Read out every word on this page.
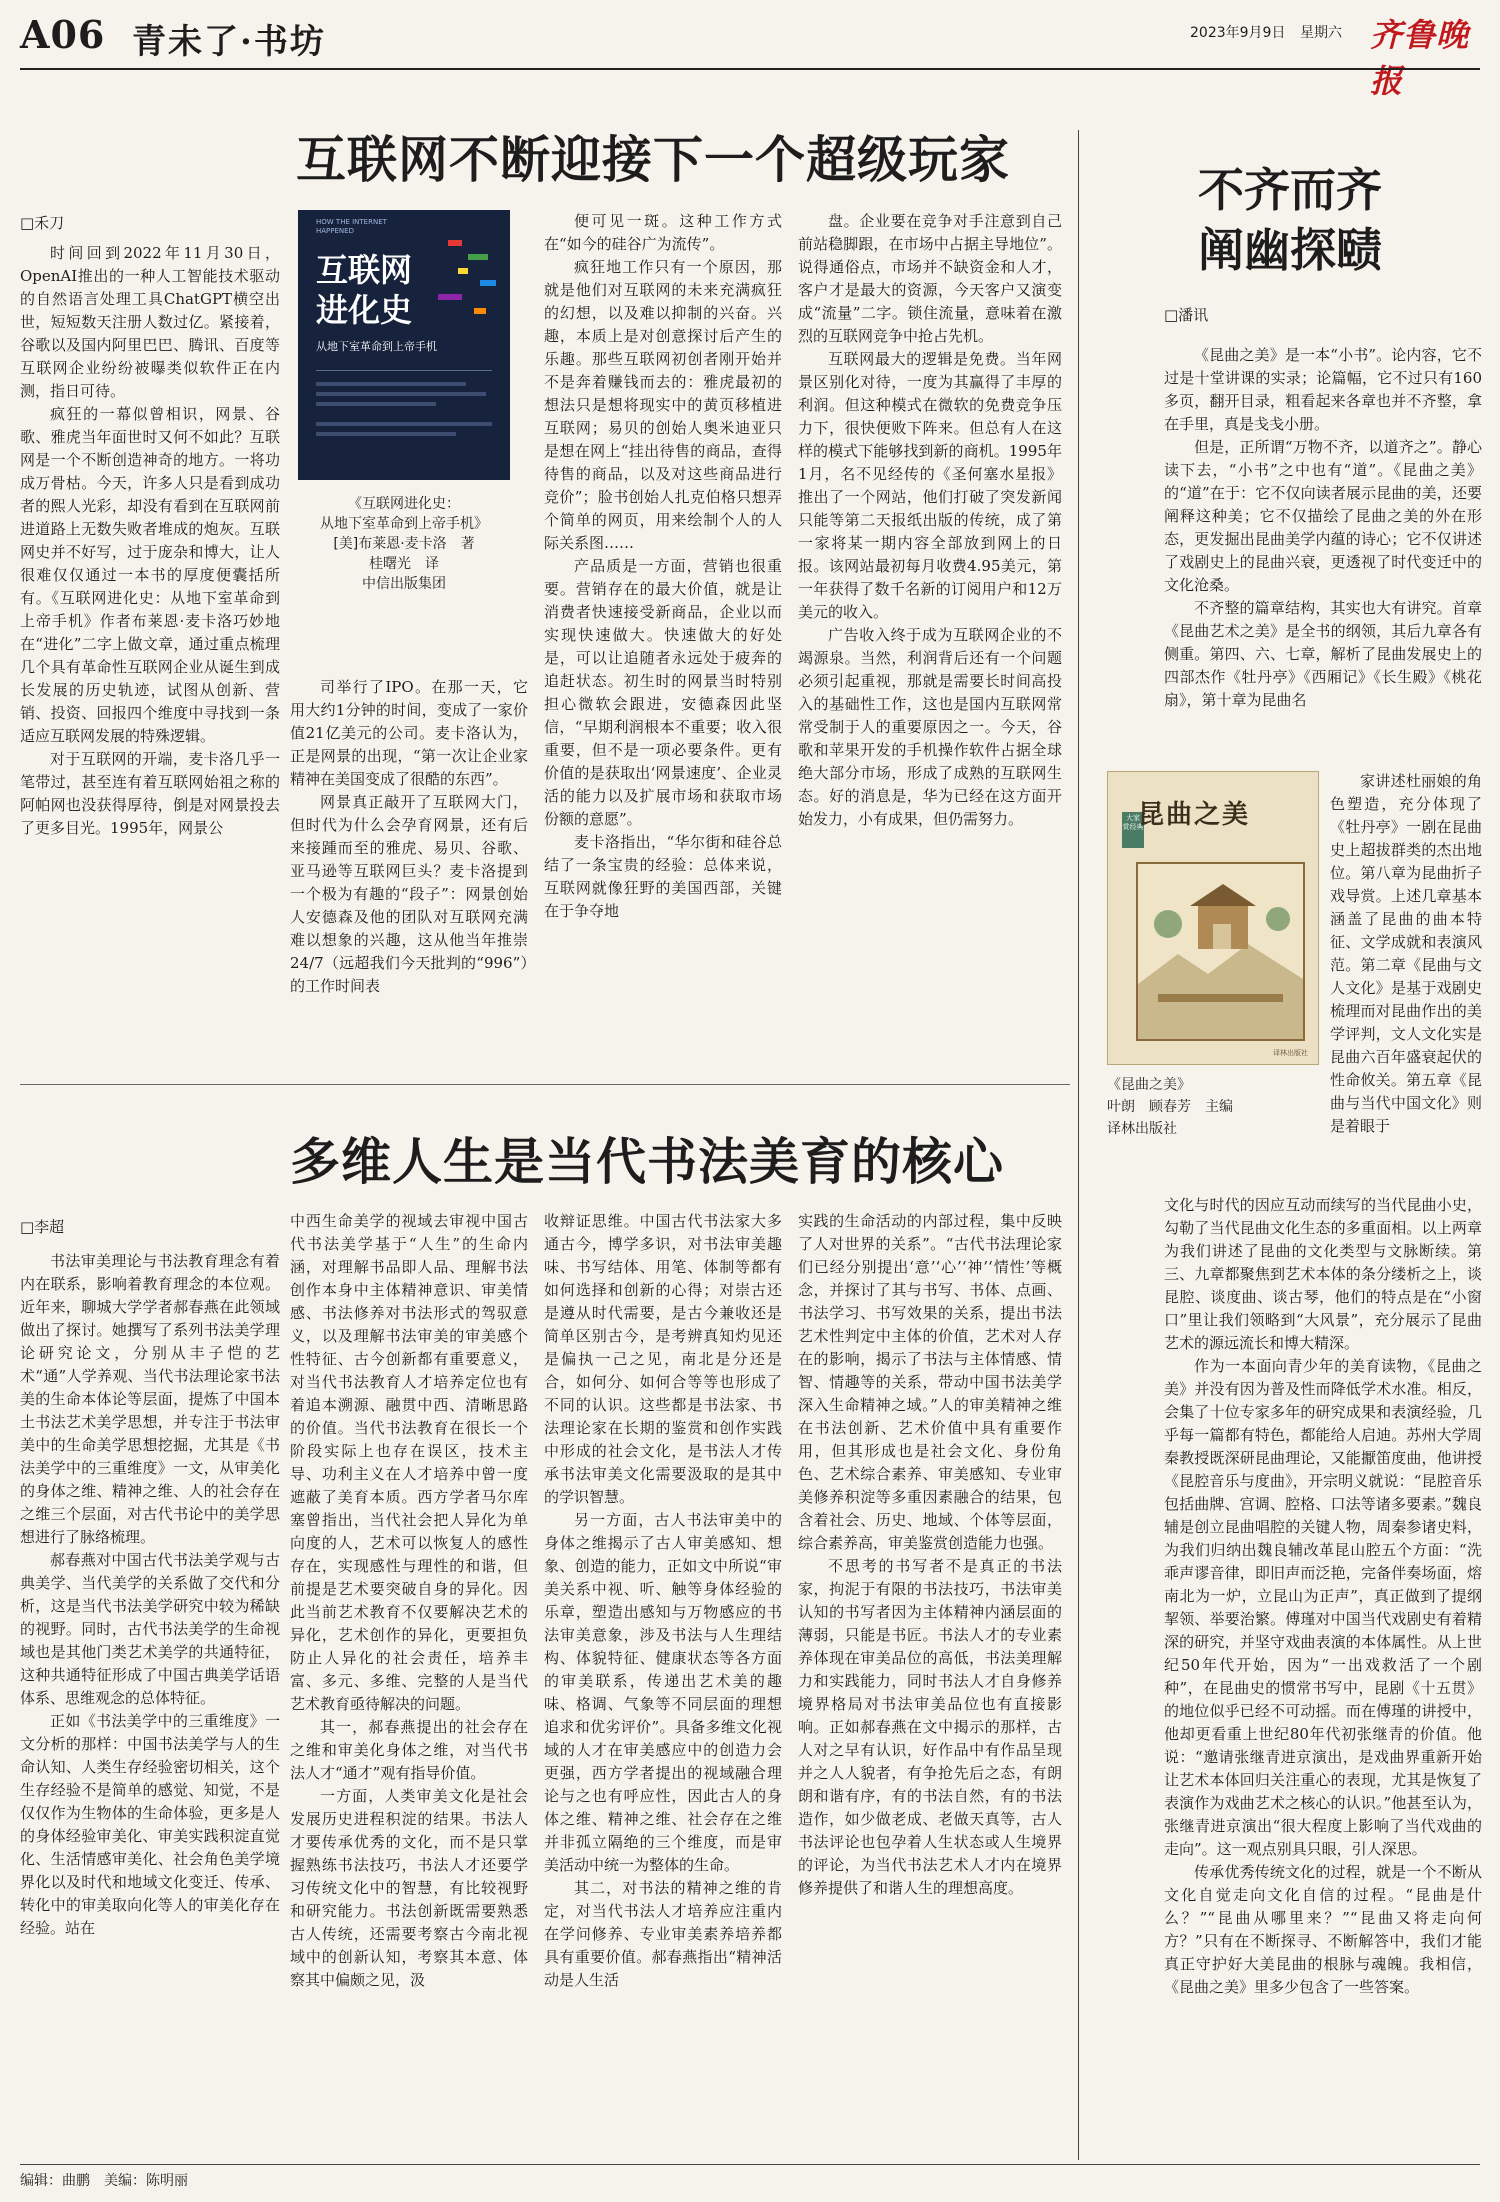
A06 青未了·书坊	2023年9月9日 星期六 齐鲁晚报
互联网不断迎接下一个超级玩家
□禾刀

时间回到2022年11月30日，OpenAI推出的一种人工智能技术驱动的自然语言处理工具ChatGPT横空出世，短短数天注册人数过亿。紧接着，谷歌以及国内阿里巴巴、腾讯、百度等互联网企业纷纷被曝类似软件正在内测，指日可待。

疯狂的一幕似曾相识，网景、谷歌、雅虎当年面世时又何不如此？互联网是一个不断创造神奇的地方。一将功成万骨枯。今天，许多人只是看到成功者的熙人光彩，却没有看到在互联网前进道路上无数失败者堆成的炮灰。互联网史并不好写，过于庞杂和博大，让人很难仅仅通过一本书的厚度便囊括所有。《互联网进化史：从地下室革命到上帝手机》作者布莱恩·麦卡洛巧妙地在“进化”二字上做文章，通过重点梳理几个具有革命性互联网企业从诞生到成长发展的历史轨迹，试图从创新、营销、投资、回报四个维度中寻找到一条适应互联网发展的特殊逻辑。

对于互联网的开端，麦卡洛几乎一笔带过，甚至连有着互联网始祖之称的阿帕网也没获得厚待，倒是对网景投去了更多目光。1995年，网景公

HOW THE INTERNET
HAPPENED
互联网
进化史
从地下室革命到上帝手机
《互联网进化史：
从地下室革命到上帝手机》
[美]布莱恩·麦卡洛　著
桂曙光　译
中信出版集团

司举行了IPO。在那一天，它用大约1分钟的时间，变成了一家价值21亿美元的公司。麦卡洛认为，正是网景的出现，“第一次让企业家精神在美国变成了很酷的东西”。

网景真正敲开了互联网大门，但时代为什么会孕育网景，还有后来接踵而至的雅虎、易贝、谷歌、亚马逊等互联网巨头？麦卡洛提到一个极为有趣的“段子”：网景创始人安德森及他的团队对互联网充满难以想象的兴趣，这从他当年推崇24/7（远超我们今天批判的“996”）的工作时间表

便可见一斑。这种工作方式在“如今的硅谷广为流传”。

疯狂地工作只有一个原因，那就是他们对互联网的未来充满疯狂的幻想，以及难以抑制的兴奋。兴趣，本质上是对创意探讨后产生的乐趣。那些互联网初创者刚开始并不是奔着赚钱而去的：雅虎最初的想法只是想将现实中的黄页移植进互联网；易贝的创始人奥米迪亚只是想在网上“挂出待售的商品，查得待售的商品，以及对这些商品进行竞价”；脸书创始人扎克伯格只想弄个简单的网页，用来绘制个人的人际关系图……

产品质是一方面，营销也很重要。营销存在的最大价值，就是让消费者快速接受新商品，企业以而实现快速做大。快速做大的好处是，可以让追随者永远处于疲奔的追赶状态。初生时的网景当时特别担心微软会跟进，安德森因此坚信，“早期利润根本不重要；收入很重要，但不是一项必要条件。更有价值的是获取出‘网景速度’、企业灵活的能力以及扩展市场和获取市场份额的意愿”。

麦卡洛指出，“华尔街和硅谷总结了一条宝贵的经验：总体来说，互联网就像狂野的美国西部，关键在于争夺地

盘。企业要在竞争对手注意到自己前站稳脚跟，在市场中占据主导地位”。说得通俗点，市场并不缺资金和人才，客户才是最大的资源，今天客户又演变成“流量”二字。锁住流量，意味着在激烈的互联网竞争中抢占先机。

互联网最大的逻辑是免费。当年网景区别化对待，一度为其赢得了丰厚的利润。但这种模式在微软的免费竞争压力下，很快便败下阵来。但总有人在这样的模式下能够找到新的商机。1995年1月，名不见经传的《圣何塞水星报》推出了一个网站，他们打破了突发新闻只能等第二天报纸出版的传统，成了第一家将某一期内容全部放到网上的日报。该网站最初每月收费4.95美元，第一年获得了数千名新的订阅用户和12万美元的收入。

广告收入终于成为互联网企业的不竭源泉。当然，利润背后还有一个问题必须引起重视，那就是需要长时间高投入的基础性工作，这也是国内互联网常常受制于人的重要原因之一。今天，谷歌和苹果开发的手机操作软件占据全球绝大部分市场，形成了成熟的互联网生态。好的消息是，华为已经在这方面开始发力，小有成果，但仍需努力。

不齐而齐
阐幽探赜
□潘讯

《昆曲之美》是一本“小书”。论内容，它不过是十堂讲课的实录；论篇幅，它不过只有160多页，翻开目录，粗看起来各章也并不齐整，拿在手里，真是戋戋小册。

但是，正所谓“万物不齐，以道齐之”。静心读下去，“小书”之中也有“道”。《昆曲之美》的“道”在于：它不仅向读者展示昆曲的美，还要阐释这种美；它不仅描绘了昆曲之美的外在形态，更发掘出昆曲美学内蕴的诗心；它不仅讲述了戏剧史上的昆曲兴衰，更透视了时代变迁中的文化沧桑。

不齐整的篇章结构，其实也大有讲究。首章《昆曲艺术之美》是全书的纲领，其后九章各有侧重。第四、六、七章，解析了昆曲发展史上的四部杰作《牡丹亭》《西厢记》《长生殿》《桃花扇》，第十章为昆曲名

大家 赏经典
昆曲之美
译林出版社
《昆曲之美》
叶朗　顾春芳　主编
译林出版社

家讲述杜丽娘的角色塑造，充分体现了《牡丹亭》一剧在昆曲史上超拔群类的杰出地位。第八章为昆曲折子戏导赏。上述几章基本涵盖了昆曲的曲本特征、文学成就和表演风范。第二章《昆曲与文人文化》是基于戏剧史梳理而对昆曲作出的美学评判，文人文化实是昆曲六百年盛衰起伏的性命攸关。第五章《昆曲与当代中国文化》则是着眼于

文化与时代的因应互动而续写的当代昆曲小史，勾勒了当代昆曲文化生态的多重面相。以上两章为我们讲述了昆曲的文化类型与文脉断续。第三、九章都聚焦到艺术本体的条分缕析之上，谈昆腔、谈度曲、谈古琴，他们的特点是在“小窗口”里让我们领略到“大风景”，充分展示了昆曲艺术的源远流长和博大精深。

作为一本面向青少年的美育读物，《昆曲之美》并没有因为普及性而降低学术水准。相反，会集了十位专家多年的研究成果和表演经验，几乎每一篇都有特色，都能给人启迪。苏州大学周秦教授既深研昆曲理论，又能擫笛度曲，他讲授《昆腔音乐与度曲》，开宗明义就说：“昆腔音乐包括曲牌、宫调、腔格、口法等诸多要素。”魏良辅是创立昆曲唱腔的关键人物，周秦参诸史料，为我们归纳出魏良辅改革昆山腔五个方面：“洗乖声谬音律，即旧声而泛艳，完备伴奏场面，熔南北为一炉，立昆山为正声”，真正做到了提纲挈领、举要治繁。傅瑾对中国当代戏剧史有着精深的研究，并坚守戏曲表演的本体属性。从上世纪50年代开始，因为“一出戏救活了一个剧种”，在昆曲史的惯常书写中，昆剧《十五贯》的地位似乎已经不可动摇。而在傅瑾的讲授中，他却更看重上世纪80年代初张继青的价值。他说：“邀请张继青进京演出，是戏曲界重新开始让艺术本体回归关注重心的表现，尤其是恢复了表演作为戏曲艺术之核心的认识。”他甚至认为，张继青进京演出“很大程度上影响了当代戏曲的走向”。这一观点别具只眼，引人深思。

传承优秀传统文化的过程，就是一个不断从文化自觉走向文化自信的过程。“昆曲是什么？”“昆曲从哪里来？”“昆曲又将走向何方？”只有在不断探寻、不断解答中，我们才能真正守护好大美昆曲的根脉与魂魄。我相信，《昆曲之美》里多少包含了一些答案。

多维人生是当代书法美育的核心
□李超

书法审美理论与书法教育理念有着内在联系，影响着教育理念的本位观。近年来，聊城大学学者郝春燕在此领域做出了探讨。她撰写了系列书法美学理论研究论文，分别从丰子恺的艺术“通”人学养观、当代书法理论家书法美的生命本体论等层面，提炼了中国本土书法艺术美学思想，并专注于书法审美中的生命美学思想挖掘，尤其是《书法美学中的三重维度》一文，从审美化的身体之维、精神之维、人的社会存在之维三个层面，对古代书论中的美学思想进行了脉络梳理。

郝春燕对中国古代书法美学观与古典美学、当代美学的关系做了交代和分析，这是当代书法美学研究中较为稀缺的视野。同时，古代书法美学的生命视域也是其他门类艺术美学的共通特征，这种共通特征形成了中国古典美学话语体系、思维观念的总体特征。

正如《书法美学中的三重维度》一文分析的那样：中国书法美学与人的生命认知、人类生存经验密切相关，这个生存经验不是简单的感觉、知觉，不是仅仅作为生物体的生命体验，更多是人的身体经验审美化、审美实践积淀直觉化、生活情感审美化、社会角色美学境界化以及时代和地域文化变迁、传承、转化中的审美取向化等人的审美化存在经验。站在

中西生命美学的视域去审视中国古代书法美学基于“人生”的生命内涵，对理解书品即人品、理解书法创作本身中主体精神意识、审美情感、书法修养对书法形式的驾驭意义，以及理解书法审美的审美感个性特征、古今创新都有重要意义，对当代书法教育人才培养定位也有着追本溯源、融贯中西、清晰思路的价值。当代书法教育在很长一个阶段实际上也存在误区，技术主导、功利主义在人才培养中曾一度遮蔽了美育本质。西方学者马尔库塞曾指出，当代社会把人异化为单向度的人，艺术可以恢复人的感性存在，实现感性与理性的和谐，但前提是艺术要突破自身的异化。因此当前艺术教育不仅要解决艺术的异化，艺术创作的异化，更要担负防止人异化的社会责任，培养丰富、多元、多维、完整的人是当代艺术教育亟待解决的问题。

其一，郝春燕提出的社会存在之维和审美化身体之维，对当代书法人才“通才”观有指导价值。

一方面，人类审美文化是社会发展历史进程积淀的结果。书法人才要传承优秀的文化，而不是只掌握熟练书法技巧，书法人才还要学习传统文化中的智慧，有比较视野和研究能力。书法创新既需要熟悉古人传统，还需要考察古今南北视域中的创新认知，考察其本意、体察其中偏颇之见，汲

收辩证思维。中国古代书法家大多通古今，博学多识，对书法审美趣味、书写结体、用笔、体制等都有如何选择和创新的心得；对崇古还是遵从时代需要，是古今兼收还是简单区别古今，是考辨真知灼见还是偏执一己之见，南北是分还是合，如何分、如何合等等也形成了不同的认识。这些都是书法家、书法理论家在长期的鉴赏和创作实践中形成的社会文化，是书法人才传承书法审美文化需要汲取的是其中的学识智慧。

另一方面，古人书法审美中的身体之维揭示了古人审美感知、想象、创造的能力，正如文中所说“审美关系中视、听、触等身体经验的乐章，塑造出感知与万物感应的书法审美意象，涉及书法与人生理结构、体貌特征、健康状态等各方面的审美联系，传递出艺术美的趣味、格调、气象等不同层面的理想追求和优劣评价”。具备多维文化视域的人才在审美感应中的创造力会更强，西方学者提出的视域融合理论与之也有呼应性，因此古人的身体之维、精神之维、社会存在之维并非孤立隔绝的三个维度，而是审美活动中统一为整体的生命。

其二，对书法的精神之维的肯定，对当代书法人才培养应注重内在学问修养、专业审美素养培养都具有重要价值。郝春燕指出“精神活动是人生活

实践的生命活动的内部过程，集中反映了人对世界的关系”。“古代书法理论家们已经分别提出‘意’‘心’‘神’‘情性’等概念，并探讨了其与书写、书体、点画、书法学习、书写效果的关系，提出书法艺术性判定中主体的价值，艺术对人存在的影响，揭示了书法与主体情感、情智、情趣等的关系，带动中国书法美学深入生命精神之域。”人的审美精神之维在书法创新、艺术价值中具有重要作用，但其形成也是社会文化、身份角色、艺术综合素养、审美感知、专业审美修养积淀等多重因素融合的结果，包含着社会、历史、地域、个体等层面，综合素养高，审美鉴赏创造能力也强。

不思考的书写者不是真正的书法家，拘泥于有限的书法技巧，书法审美认知的书写者因为主体精神内涵层面的薄弱，只能是书匠。书法人才的专业素养体现在审美品位的高低，书法美理解力和实践能力，同时书法人才自身修养境界格局对书法审美品位也有直接影响。正如郝春燕在文中揭示的那样，古人对之早有认识，好作品中有作品呈现并之人人貌者，有争抢先后之态，有朗朗和谐有序，有的书法自然，有的书法造作，如少做老成、老做天真等，古人书法评论也包孕着人生状态或人生境界的评论，为当代书法艺术人才内在境界修养提供了和谐人生的理想高度。

编辑：曲鹏　美编：陈明丽
